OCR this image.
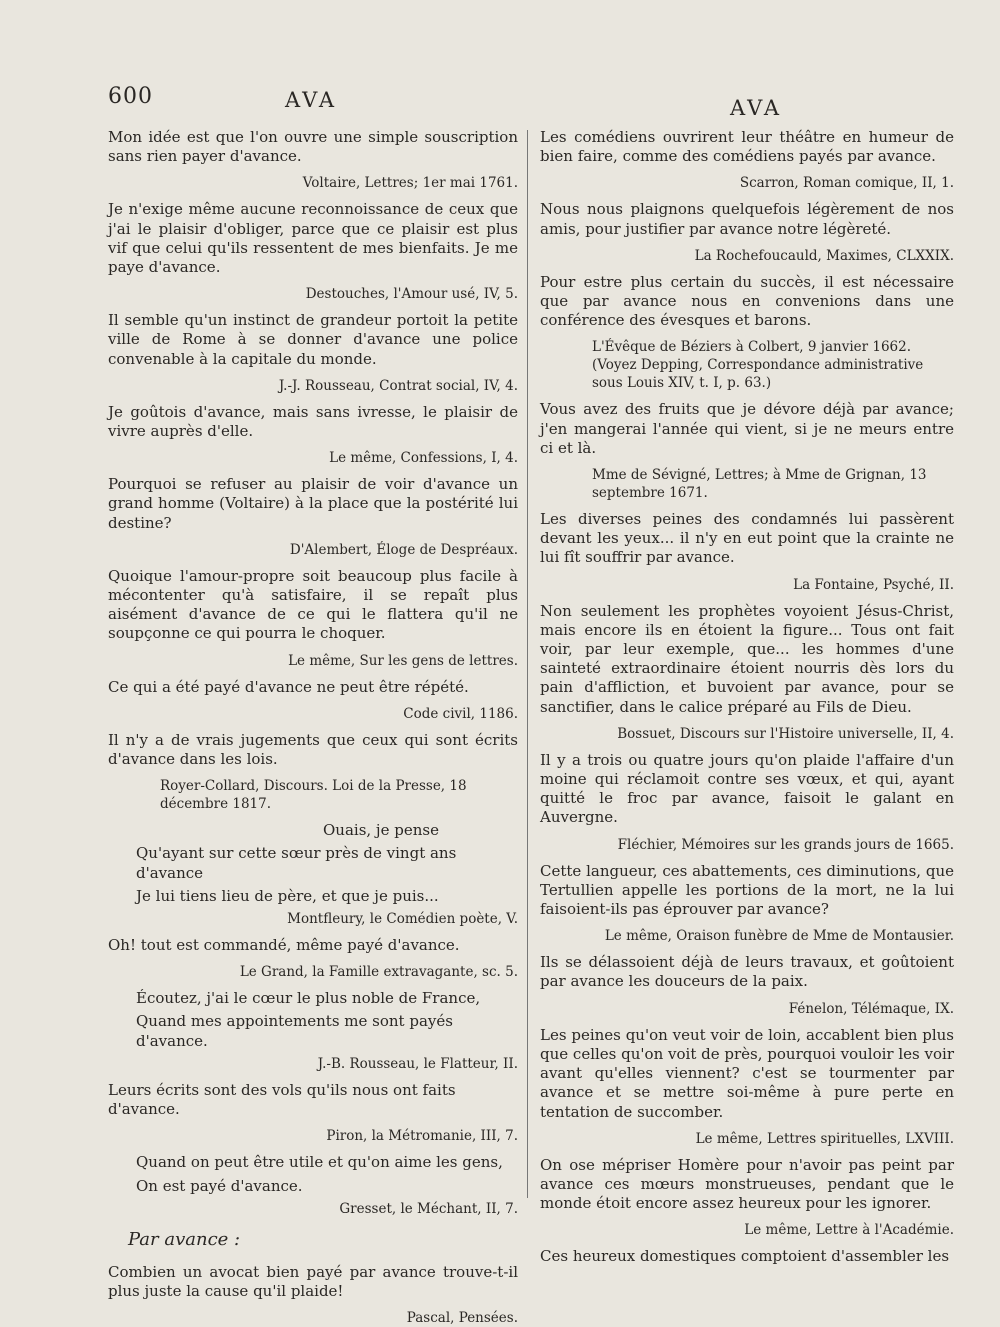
600	AVA	AVA

Mon idée est que l'on ouvre une simple souscription sans rien payer d'avance.

Voltaire, Lettres; 1er mai 1761.

Je n'exige même aucune reconnoissance de ceux que j'ai le plaisir d'obliger, parce que ce plaisir est plus vif que celui qu'ils ressentent de mes bienfaits. Je me paye d'avance.

Destouches, l'Amour usé, IV, 5.

Il semble qu'un instinct de grandeur portoit la petite ville de Rome à se donner d'avance une police convenable à la capitale du monde.

J.-J. Rousseau, Contrat social, IV, 4.

Je goûtois d'avance, mais sans ivresse, le plaisir de vivre auprès d'elle.

Le même, Confessions, I, 4.

Pourquoi se refuser au plaisir de voir d'avance un grand homme (Voltaire) à la place que la postérité lui destine?

D'Alembert, Éloge de Despréaux.

Quoique l'amour-propre soit beaucoup plus facile à mécontenter qu'à satisfaire, il se repaît plus aisément d'avance de ce qui le flattera qu'il ne soupçonne ce qui pourra le choquer.

Le même, Sur les gens de lettres.

Ce qui a été payé d'avance ne peut être répété.

Code civil, 1186.

Il n'y a de vrais jugements que ceux qui sont écrits d'avance dans les lois.

Royer-Collard, Discours. Loi de la Presse, 18 décembre 1817.

Ouais, je pense

Qu'ayant sur cette sœur près de vingt ans d'avance

Je lui tiens lieu de père, et que je puis...

Montfleury, le Comédien poète, V.

Oh! tout est commandé, même payé d'avance.

Le Grand, la Famille extravagante, sc. 5.

Écoutez, j'ai le cœur le plus noble de France,

Quand mes appointements me sont payés d'avance.

J.-B. Rousseau, le Flatteur, II.

Leurs écrits sont des vols qu'ils nous ont faits d'avance.

Piron, la Métromanie, III, 7.

Quand on peut être utile et qu'on aime les gens,

On est payé d'avance.

Gresset, le Méchant, II, 7.

Par avance :

Combien un avocat bien payé par avance trouve-t-il plus juste la cause qu'il plaide!

Pascal, Pensées.

Les comédiens ouvrirent leur théâtre en humeur de bien faire, comme des comédiens payés par avance.

Scarron, Roman comique, II, 1.

Nous nous plaignons quelquefois légèrement de nos amis, pour justifier par avance notre légèreté.

La Rochefoucauld, Maximes, CLXXIX.

Pour estre plus certain du succès, il est nécessaire que par avance nous en convenions dans une conférence des évesques et barons.

L'Évêque de Béziers à Colbert, 9 janvier 1662. (Voyez Depping, Correspondance administrative sous Louis XIV, t. I, p. 63.)

Vous avez des fruits que je dévore déjà par avance; j'en mangerai l'année qui vient, si je ne meurs entre ci et là.

Mme de Sévigné, Lettres; à Mme de Grignan, 13 septembre 1671.

Les diverses peines des condamnés lui passèrent devant les yeux... il n'y en eut point que la crainte ne lui fît souffrir par avance.

La Fontaine, Psyché, II.

Non seulement les prophètes voyoient Jésus-Christ, mais encore ils en étoient la figure... Tous ont fait voir, par leur exemple, que... les hommes d'une sainteté extraordinaire étoient nourris dès lors du pain d'affliction, et buvoient par avance, pour se sanctifier, dans le calice préparé au Fils de Dieu.

Bossuet, Discours sur l'Histoire universelle, II, 4.

Il y a trois ou quatre jours qu'on plaide l'affaire d'un moine qui réclamoit contre ses vœux, et qui, ayant quitté le froc par avance, faisoit le galant en Auvergne.

Fléchier, Mémoires sur les grands jours de 1665.

Cette langueur, ces abattements, ces diminutions, que Tertullien appelle les portions de la mort, ne la lui faisoient-ils pas éprouver par avance?

Le même, Oraison funèbre de Mme de Montausier.

Ils se délassoient déjà de leurs travaux, et goûtoient par avance les douceurs de la paix.

Fénelon, Télémaque, IX.

Les peines qu'on veut voir de loin, accablent bien plus que celles qu'on voit de près, pourquoi vouloir les voir avant qu'elles viennent? c'est se tourmenter par avance et se mettre soi-même à pure perte en tentation de succomber.

Le même, Lettres spirituelles, LXVIII.

On ose mépriser Homère pour n'avoir pas peint par avance ces mœurs monstrueuses, pendant que le monde étoit encore assez heureux pour les ignorer.

Le même, Lettre à l'Académie.

Ces heureux domestiques comptoient d'assembler les
